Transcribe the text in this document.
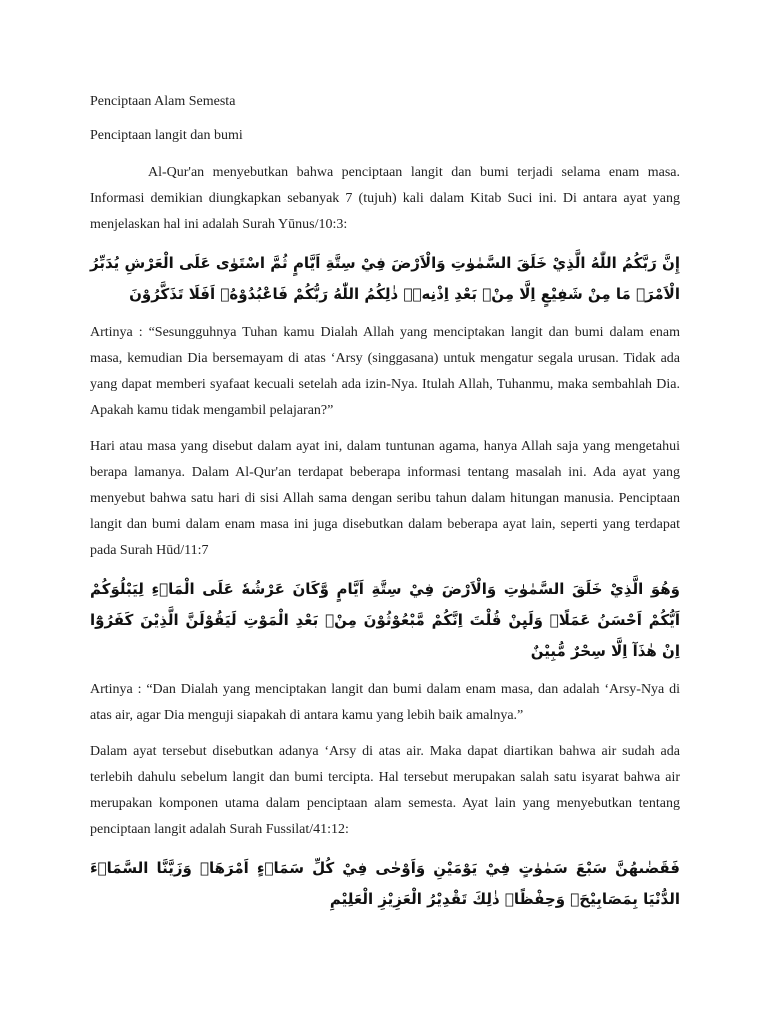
Penciptaan Alam Semesta

Penciptaan langit dan bumi

Al-Qur'an menyebutkan bahwa penciptaan langit dan bumi terjadi selama enam masa. Informasi demikian diungkapkan sebanyak 7 (tujuh) kali dalam Kitab Suci ini. Di antara ayat yang menjelaskan hal ini adalah Surah Yūnus/10:3:

إِنَّ رَبَّكُمُ اللّٰهُ الَّذِيْ خَلَقَ السَّمٰوٰتِ وَالْاَرْضَ فِيْ سِتَّةِ اَيَّامٍ ثُمَّ اسْتَوٰى عَلَى الْعَرْشِ يُدَبِّرُ الْاَمْرَۗ مَا مِنْ شَفِيْعٍ اِلَّا مِنْۢ بَعْدِ اِذْنِهٖۗ ذٰلِكُمُ اللّٰهُ رَبُّكُمْ فَاعْبُدُوْهُۗ اَفَلَا تَذَكَّرُوْنَ

Artinya : “Sesungguhnya Tuhan kamu Dialah Allah yang menciptakan langit dan bumi dalam enam masa, kemudian Dia bersemayam di atas ‘Arsy (singgasana) untuk mengatur segala urusan. Tidak ada yang dapat memberi syafaat kecuali setelah ada izin-Nya. Itulah Allah, Tuhanmu, maka sembahlah Dia. Apakah kamu tidak mengambil pelajaran?”

Hari atau masa yang disebut dalam ayat ini, dalam tuntunan agama, hanya Allah saja yang mengetahui berapa lamanya. Dalam Al-Qur'an terdapat beberapa informasi tentang masalah ini. Ada ayat yang menyebut bahwa satu hari di sisi Allah sama dengan seribu tahun dalam hitungan manusia. Penciptaan langit dan bumi dalam enam masa ini juga disebutkan dalam beberapa ayat lain, seperti yang terdapat pada Surah Hūd/11:7

وَهُوَ الَّذِيْ خَلَقَ السَّمٰوٰتِ وَالْاَرْضَ فِيْ سِتَّةِ اَيَّامٍ وَّكَانَ عَرْشُهٗ عَلَى الْمَاۤءِ لِيَبْلُوَكُمْ اَيُّكُمْ اَحْسَنُ عَمَلًاۗ وَلَىِٕنْ قُلْتَ اِنَّكُمْ مَّبْعُوْثُوْنَ مِنْۢ بَعْدِ الْمَوْتِ لَيَقُوْلَنَّ الَّذِيْنَ كَفَرُوْٓا اِنْ هٰذَآ اِلَّا سِحْرٌ مُّبِيْنٌ

Artinya : “Dan Dialah yang menciptakan langit dan bumi dalam enam masa, dan adalah ‘Arsy-Nya di atas air, agar Dia menguji siapakah di antara kamu yang lebih baik amalnya.”

Dalam ayat tersebut disebutkan adanya ‘Arsy di atas air. Maka dapat diartikan bahwa air sudah ada terlebih dahulu sebelum langit dan bumi tercipta. Hal tersebut merupakan salah satu isyarat bahwa air merupakan komponen utama dalam penciptaan alam semesta. Ayat lain yang menyebutkan tentang penciptaan langit adalah Surah Fussilat/41:12:

فَقَضٰىهُنَّ سَبْعَ سَمٰوٰتٍ فِيْ يَوْمَيْنِ وَاَوْحٰى فِيْ كُلِّ سَمَاۤءٍ اَمْرَهَاۗ وَزَيَّنَّا السَّمَاۤءَ الدُّنْيَا بِمَصَابِيْحَۖ وَحِفْظًاۗ ذٰلِكَ تَقْدِيْرُ الْعَزِيْزِ الْعَلِيْمِ
